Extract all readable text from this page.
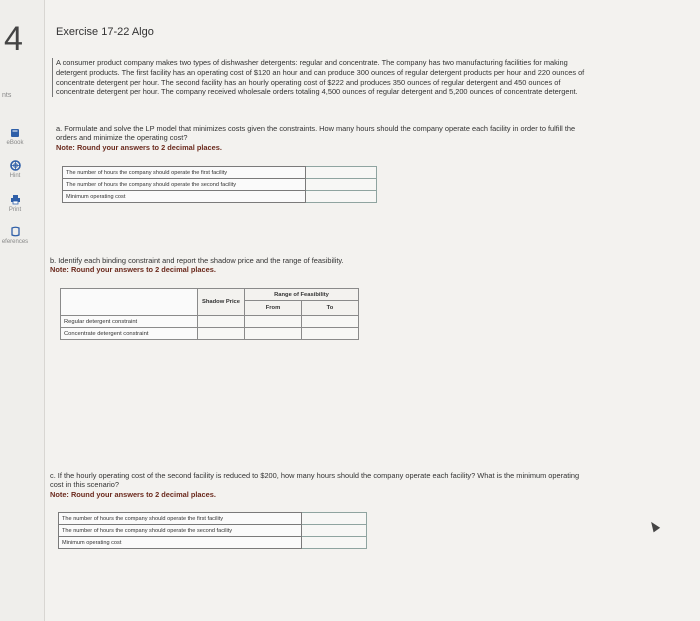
4
nts
eBook
Hint
Print
eferences
Exercise 17-22 Algo
A consumer product company makes two types of dishwasher detergents: regular and concentrate. The company has two manufacturing facilities for making detergent products. The first facility has an operating cost of $120 an hour and can produce 300 ounces of regular detergent products per hour and 220 ounces of concentrate detergent per hour. The second facility has an hourly operating cost of $222 and produces 350 ounces of regular detergent and 450 ounces of concentrate detergent per hour. The company received wholesale orders totaling 4,500 ounces of regular detergent and 5,200 ounces of concentrate detergent.
a. Formulate and solve the LP model that minimizes costs given the constraints. How many hours should the company operate each facility in order to fulfill the orders and minimize the operating cost?
Note: Round your answers to 2 decimal places.
The number of hours the company should operate the first facility	
The number of hours the company should operate the second facility	
Minimum operating cost	
b. Identify each binding constraint and report the shadow price and the range of feasibility.
Note: Round your answers to 2 decimal places.
	Shadow Price	Range of Feasibility	
		From	To
Regular detergent constraint			
Concentrate detergent constraint			
c. If the hourly operating cost of the second facility is reduced to $200, how many hours should the company operate each facility? What is the minimum operating cost in this scenario?
Note: Round your answers to 2 decimal places.
The number of hours the company should operate the first facility	
The number of hours the company should operate the second facility	
Minimum operating cost	
